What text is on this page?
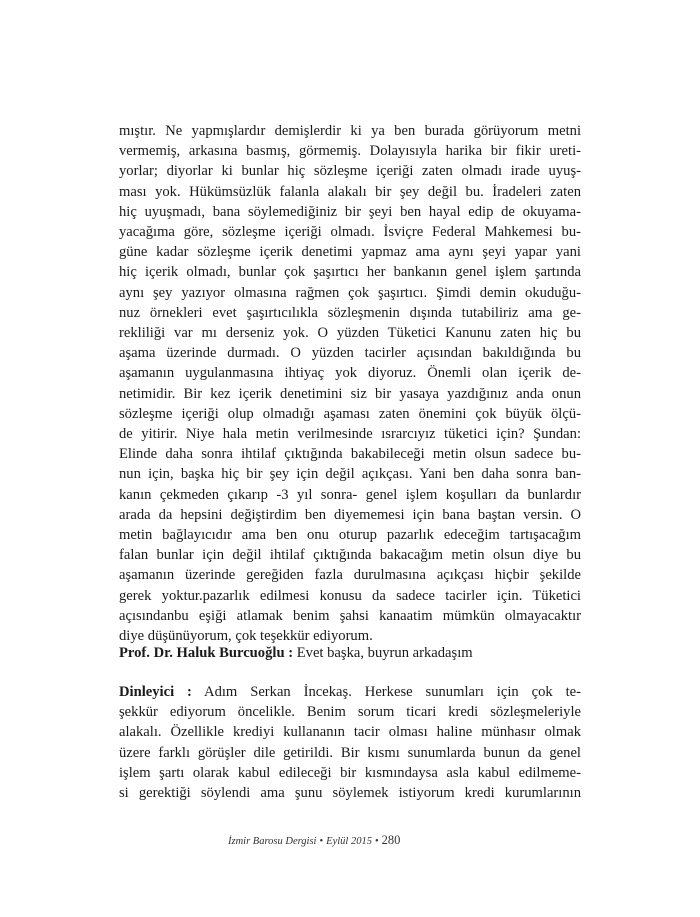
mıştır. Ne yapmışlardır demişlerdir ki ya ben burada görüyorum metni
vermemiş, arkasına basmış, görmemiş. Dolayısıyla harika bir fikir ureti-
yorlar; diyorlar ki bunlar hiç sözleşme içeriği zaten olmadı irade uyuş-
ması yok. Hükümsüzlük falanla alakalı bir şey değil bu. İradeleri zaten
hiç uyuşmadı, bana söylemediğiniz bir şeyi ben hayal edip de okuyama-
yacağıma göre, sözleşme içeriği olmadı. İsviçre Federal Mahkemesi bu-
güne kadar sözleşme içerik denetimi yapmaz ama aynı şeyi yapar yani
hiç içerik olmadı, bunlar çok şaşırtıcı her bankanın genel işlem şartında
aynı şey yazıyor olmasına rağmen çok şaşırtıcı. Şimdi demin okuduğu-
nuz örnekleri evet şaşırtıcılıkla sözleşmenin dışında tutabiliriz ama ge-
rekliliği var mı derseniz yok. O yüzden Tüketici Kanunu zaten hiç bu
aşama üzerinde durmadı. O yüzden tacirler açısından bakıldığında bu
aşamanın uygulanmasına ihtiyaç yok diyoruz. Önemli olan içerik de-
netimidir. Bir kez içerik denetimini siz bir yasaya yazdığınız anda onun
sözleşme içeriği olup olmadığı aşaması zaten önemini çok büyük ölçü-
de yitirir. Niye hala metin verilmesinde ısrarcıyız tüketici için? Şundan:
Elinde daha sonra ihtilaf çıktığında bakabileceği metin olsun sadece bu-
nun için, başka hiç bir şey için değil açıkçası. Yani ben daha sonra ban-
kanın çekmeden çıkarıp -3 yıl sonra- genel işlem koşulları da bunlardır
arada da hepsini değiştirdim ben diyememesi için bana baştan versin. O
metin bağlayıcıdır ama ben onu oturup pazarlık edeceğim tartışacağım
falan bunlar için değil ihtilaf çıktığında bakacağım metin olsun diye bu
aşamanın üzerinde gereğiden fazla durulmasına açıkçası hiçbir şekilde
gerek yoktur.pazarlık edilmesi konusu da sadece tacirler için. Tüketici
açısındanbu eşiği atlamak benim şahsi kanaatim mümkün olmayacaktır
diye düşünüyorum, çok teşekkür ediyorum.
Prof. Dr. Haluk Burcuoğlu : Evet başka, buyrun arkadaşım
Dinleyici : Adım Serkan İncekaş. Herkese sunumları için çok te-
şekkür ediyorum öncelikle. Benim sorum ticari kredi sözleşmeleriyle
alakalı. Özellikle krediyi kullananın tacir olması haline münhasır olmak
üzere farklı görüşler dile getirildi. Bir kısmı sunumlarda bunun da genel
işlem şartı olarak kabul edileceği bir kısmındaysa asla kabul edilmeme-
si gerektiği söylendi ama şunu söylemek istiyorum kredi kurumlarının
İzmir Barosu Dergisi • Eylül 2015 • 280
